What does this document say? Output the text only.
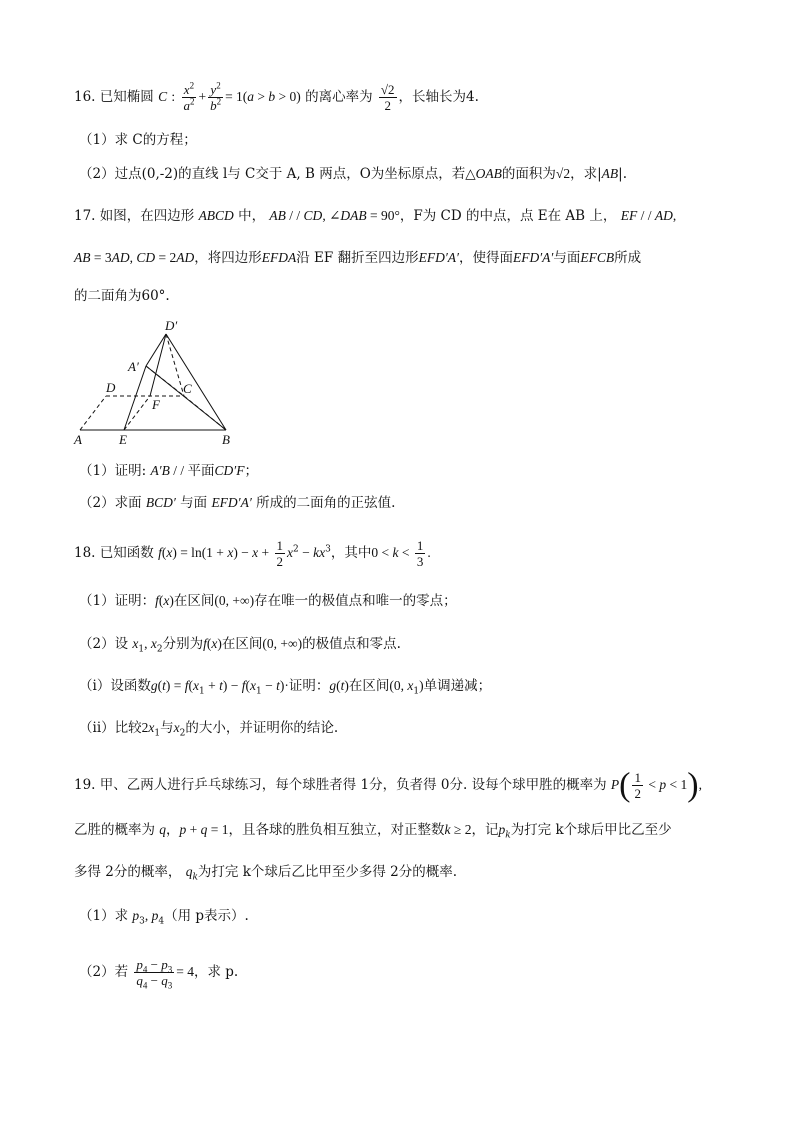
16. 已知椭圆 C : $\frac{x^2}{a^2} + \frac{y^2}{b^2} = 1(a > b > 0)$ 的离心率为 $\frac{√2}{2}$ ，长轴长为4.
（1）求 C的方程；
（2）过点(0,-2)的直线 l与 C交于 A, B 两点，O为坐标原点，若△OAB的面积为√2，求|AB|.
17. 如图，在四边形 ABCD 中， AB / / CD, ∠DAB = 90°，F为 CD 的中点，点 E在 AB 上， EF / / AD,
AB = 3AD, CD = 2AD，将四边形EFDA沿 EF 翻折至四边形EFD′A′，使得面EFD′A′与面EFCB所成
的二面角为60°.
D′
A′
D	C
F
A	E	B
（1）证明: A′B / / 平面CD′F；
（2）求面 BCD′ 与面 EFD′A′ 所成的二面角的正弦值.
18. 已知函数 $f(x) = \ln(1 + x) - x + \frac{1}{2} x^2 - kx^3$，其中$0 < k < \frac{1}{3}$ .
（1）证明：f(x)在区间(0, +∞)存在唯一的极值点和唯一的零点；
（2）设 $x_1$, $x_2$分别为f(x)在区间(0, +∞)的极值点和零点.
（i）设函数$g(t) = f(x_1 + t) - f(x_1 - t)\cdot$证明：g(t)在区间(0, $x_1$)单调递减；
（ii）比较$2x_1$与$x_2$的大小，并证明你的结论.
19. 甲、乙两人进行乒乓球练习，每个球胜者得 1分，负者得 0分. 设每个球甲胜的概率为 $P( \frac{1}{2} < p < 1)$,
乙胜的概率为 q，p + q = 1，且各球的胜负相互独立，对正整数k ≥ 2，记$p_k$为打完 k个球后甲比乙至少
多得 2分的概率， $q_k$为打完 k个球后乙比甲至少多得 2分的概率.
（1）求 $p_3$, $p_4$（用 p表示）.
（2）若 $\frac{p_4 - p_3}{q_4 - q_3} = 4$，求 p.
